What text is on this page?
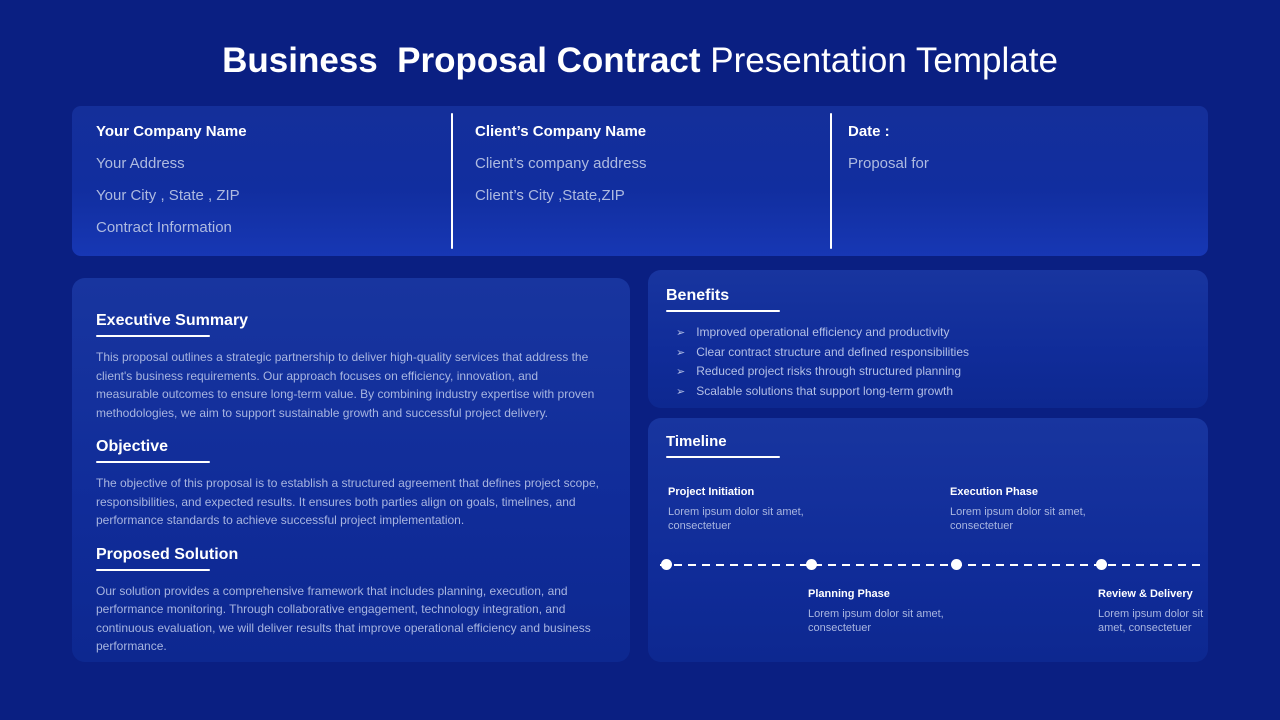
Business  Proposal Contract Presentation Template
Your Company Name
Your Address
Your City , State , ZIP
Contract Information
Client’s Company Name
Client’s company address
Client’s City ,State,ZIP
Date :
Proposal for
Executive Summary

This proposal outlines a strategic partnership to deliver high-quality services that address the client's business requirements. Our approach focuses on efficiency, innovation, and measurable outcomes to ensure long-term value. By combining industry expertise with proven methodologies, we aim to support sustainable growth and successful project delivery.

Objective

The objective of this proposal is to establish a structured agreement that defines project scope, responsibilities, and expected results. It ensures both parties align on goals, timelines, and performance standards to achieve successful project implementation.

Proposed Solution

Our solution provides a comprehensive framework that includes planning, execution, and performance monitoring. Through collaborative engagement, technology integration, and continuous evaluation, we will deliver results that improve operational efficiency and business performance.

Benefits
➢ Improved operational efficiency and productivity
➢ Clear contract structure and defined responsibilities
➢ Reduced project risks through structured planning
➢ Scalable solutions that support long-term growth
Timeline
Project Initiation
Lorem ipsum dolor sit amet, consectetuer
Execution Phase
Lorem ipsum dolor sit amet, consectetuer
Planning Phase
Lorem ipsum dolor sit amet, consectetuer
Review & Delivery
Lorem ipsum dolor sit amet, consectetuer
